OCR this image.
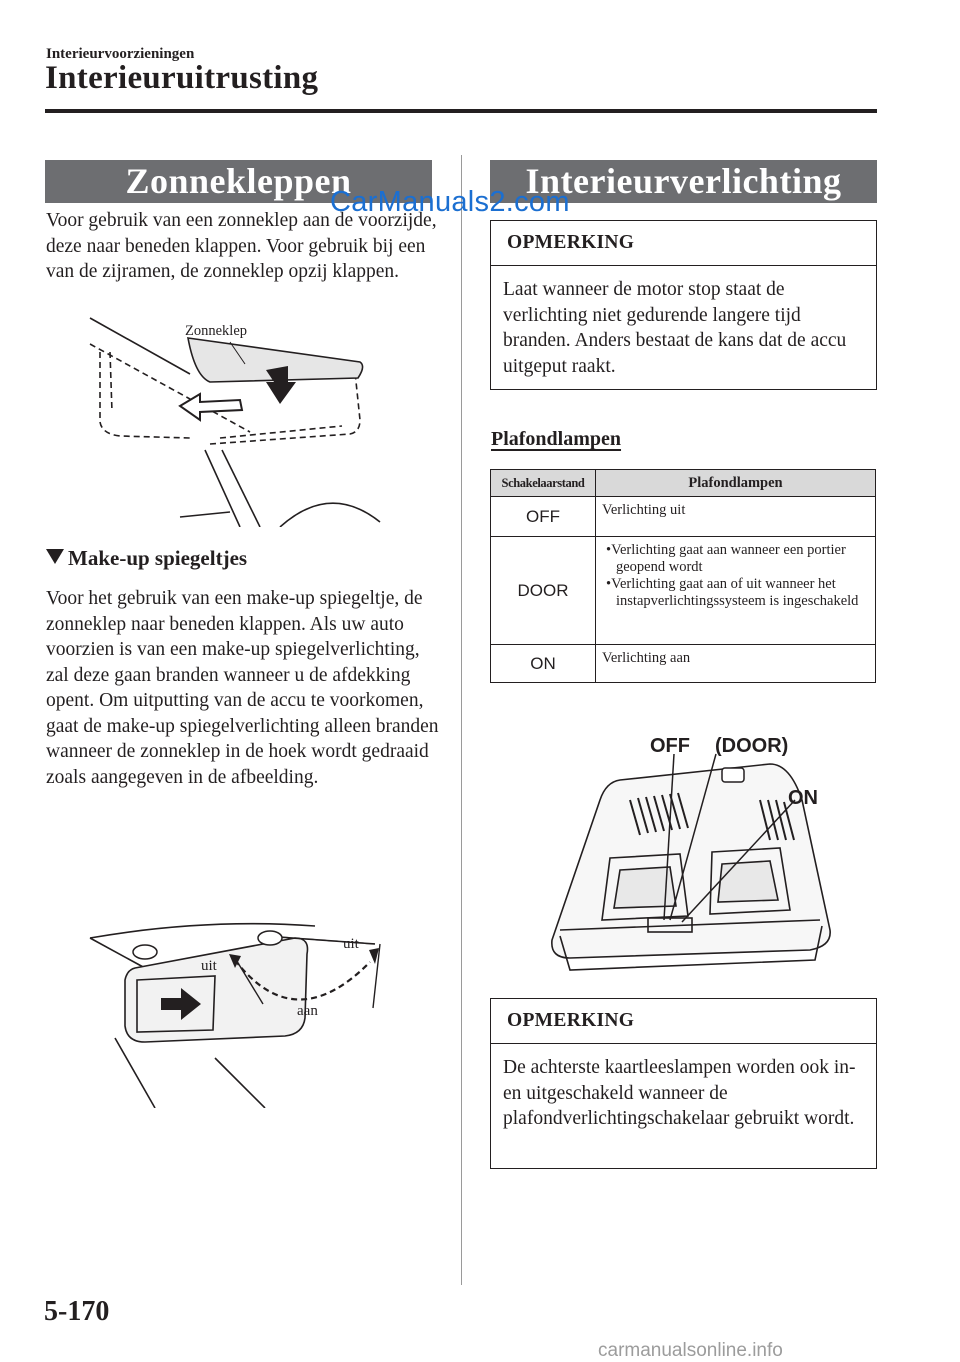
Interieurvoorzieningen
Interieuruitrusting
Zonnekleppen
Voor gebruik van een zonneklep aan de voorzijde, deze naar beneden klappen. Voor gebruik bij een van de zijramen, de zonneklep opzij klappen.
Zonneklep
Make-up spiegeltjes
Voor het gebruik van een make-up spiegeltje, de zonneklep naar beneden klappen. Als uw auto voorzien is van een make-up spiegelverlichting, zal deze gaan branden wanneer u de afdekking opent. Om uitputting van de accu te voorkomen, gaat de make-up spiegelverlichting alleen branden wanneer de zonneklep in de hoek wordt gedraaid zoals aangegeven in de afbeelding.
uit
uit
aan
Interieurverlichting
OPMERKING
Laat wanneer de motor stop staat de verlichting niet gedurende langere tijd branden. Anders bestaat de kans dat de accu uitgeput raakt.
Plafondlampen
Schakelaarstand	Plafondlampen
OFF	Verlichting uit
DOOR	•Verlichting gaat aan wanneer een portier geopend wordt
•Verlichting gaat aan of uit wanneer het instapverlichtingssysteem is ingeschakeld

ON	Verlichting aan
OFF (DOOR)
ON
OPMERKING
De achterste kaartleeslampen worden ook in- en uitgeschakeld wanneer de plafondverlichtingschakelaar gebruikt wordt.
CarManuals2.com
5-170
carmanualsonline.info
